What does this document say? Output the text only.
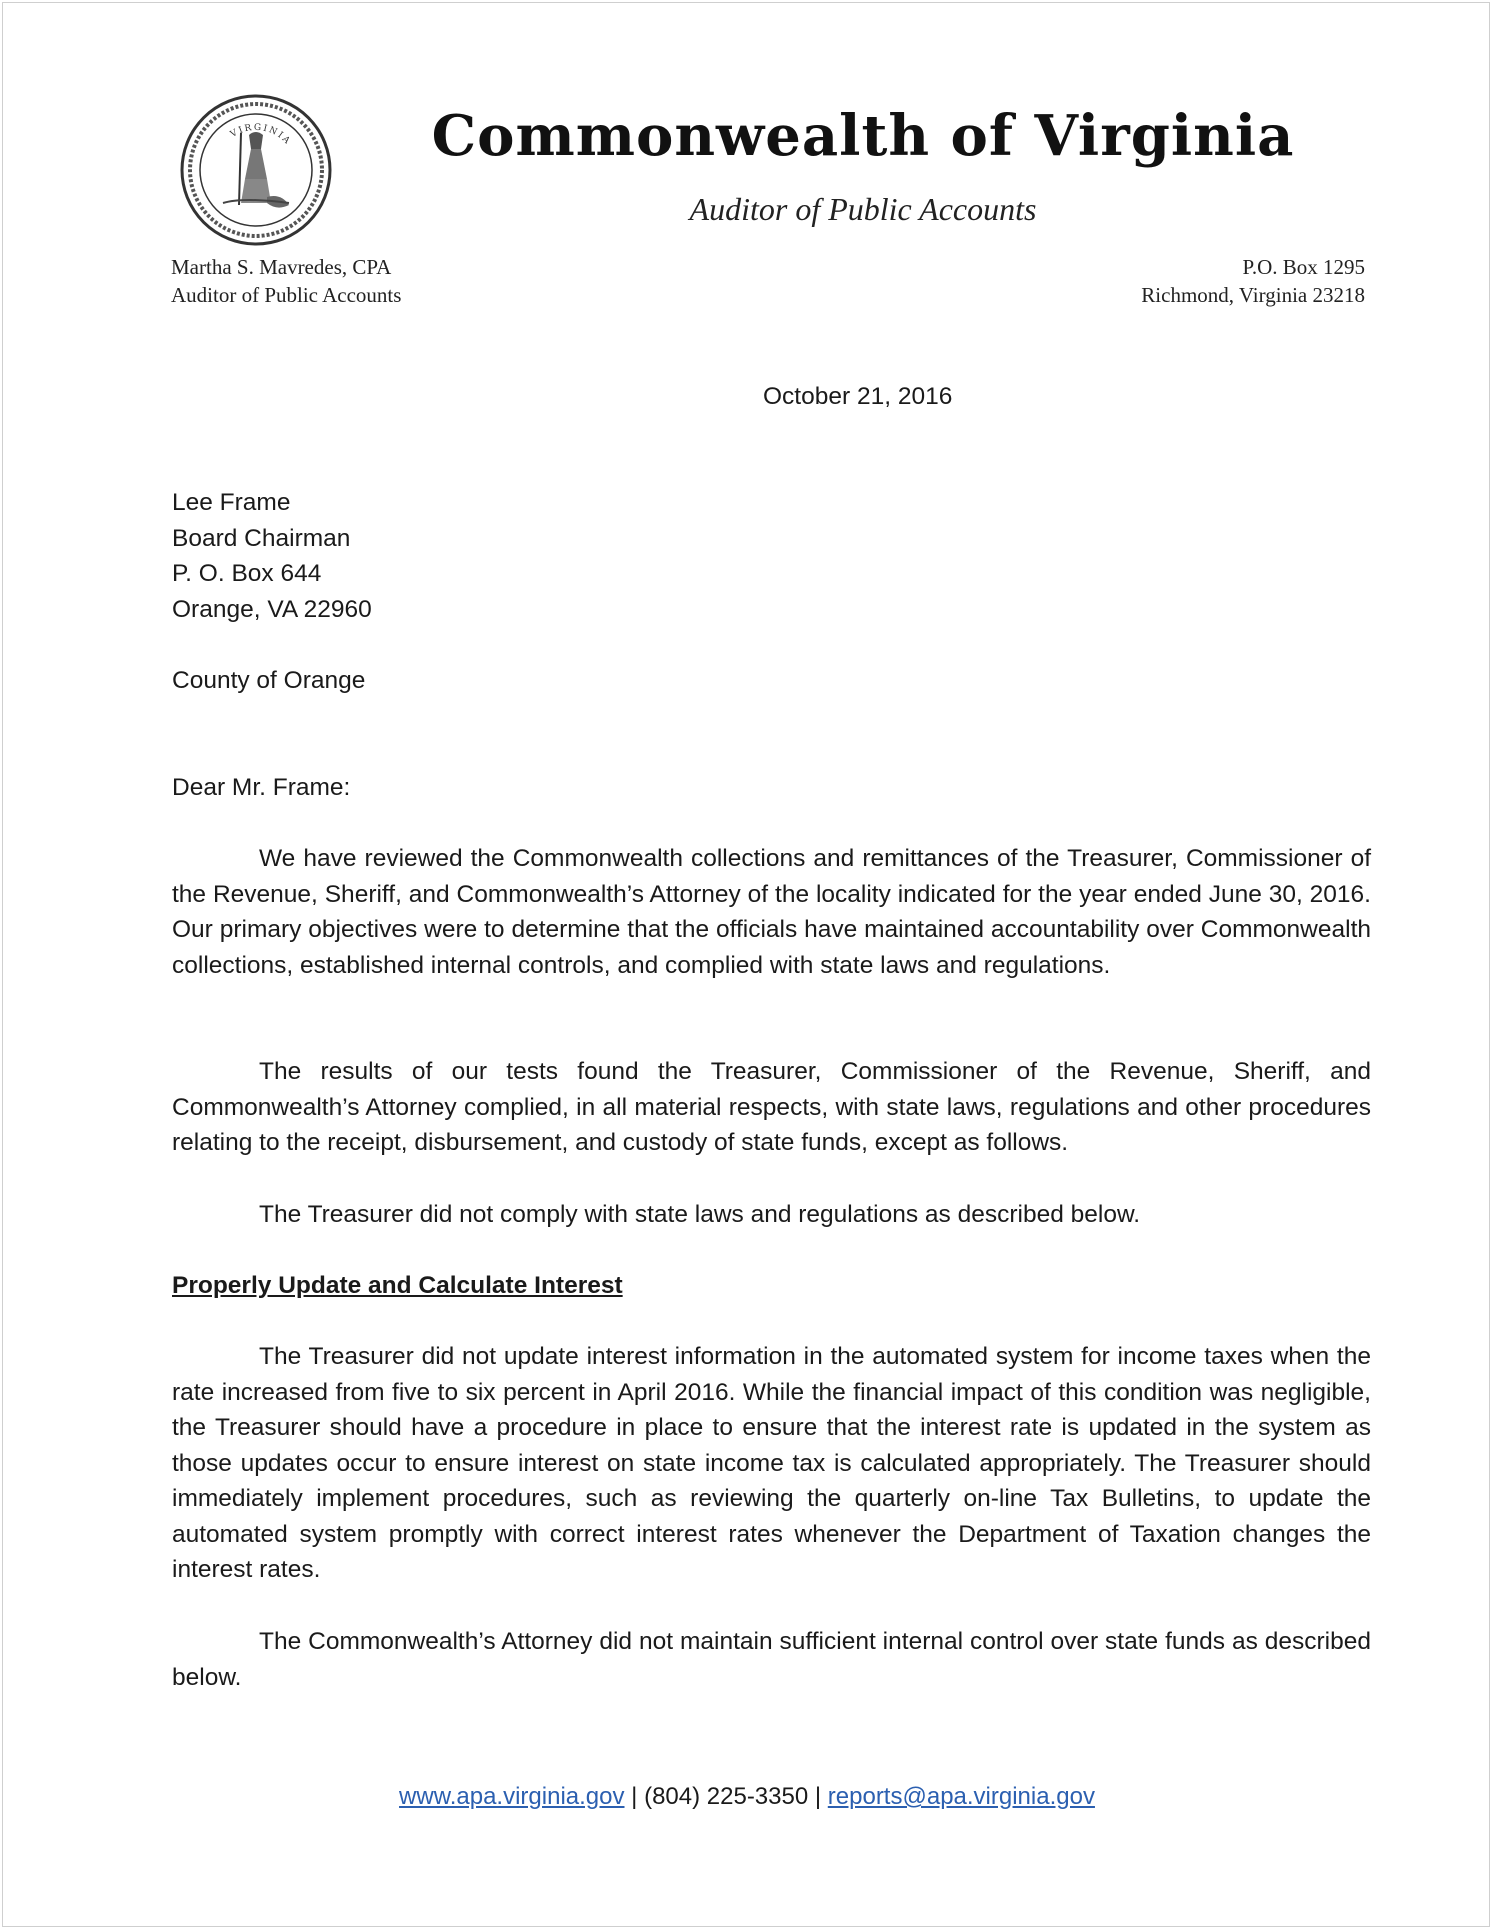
VIRGINIA	Commonwealth of Virginia
Auditor of Public Accounts
Martha S. Mavredes, CPA
Auditor of Public Accounts
P.O. Box 1295
Richmond, Virginia 23218
October 21, 2016
Lee Frame
Board Chairman
P. O. Box 644
Orange, VA 22960
County of Orange
Dear Mr. Frame:

We have reviewed the Commonwealth collections and remittances of the Treasurer, Commissioner of the Revenue, Sheriff, and Commonwealth’s Attorney of the locality indicated for the year ended June 30, 2016. Our primary objectives were to determine that the officials have maintained accountability over Commonwealth collections, established internal controls, and complied with state laws and regulations.

The results of our tests found the Treasurer, Commissioner of the Revenue, Sheriff, and Commonwealth’s Attorney complied, in all material respects, with state laws, regulations and other procedures relating to the receipt, disbursement, and custody of state funds, except as follows.

The Treasurer did not comply with state laws and regulations as described below.

Properly Update and Calculate Interest

The Treasurer did not update interest information in the automated system for income taxes when the rate increased from five to six percent in April 2016. While the financial impact of this condition was negligible, the Treasurer should have a procedure in place to ensure that the interest rate is updated in the system as those updates occur to ensure interest on state income tax is calculated appropriately. The Treasurer should immediately implement procedures, such as reviewing the quarterly on-line Tax Bulletins, to update the automated system promptly with correct interest rates whenever the Department of Taxation changes the interest rates.

The Commonwealth’s Attorney did not maintain sufficient internal control over state funds as described below.

www.apa.virginia.gov | (804) 225-3350 | reports@apa.virginia.gov
